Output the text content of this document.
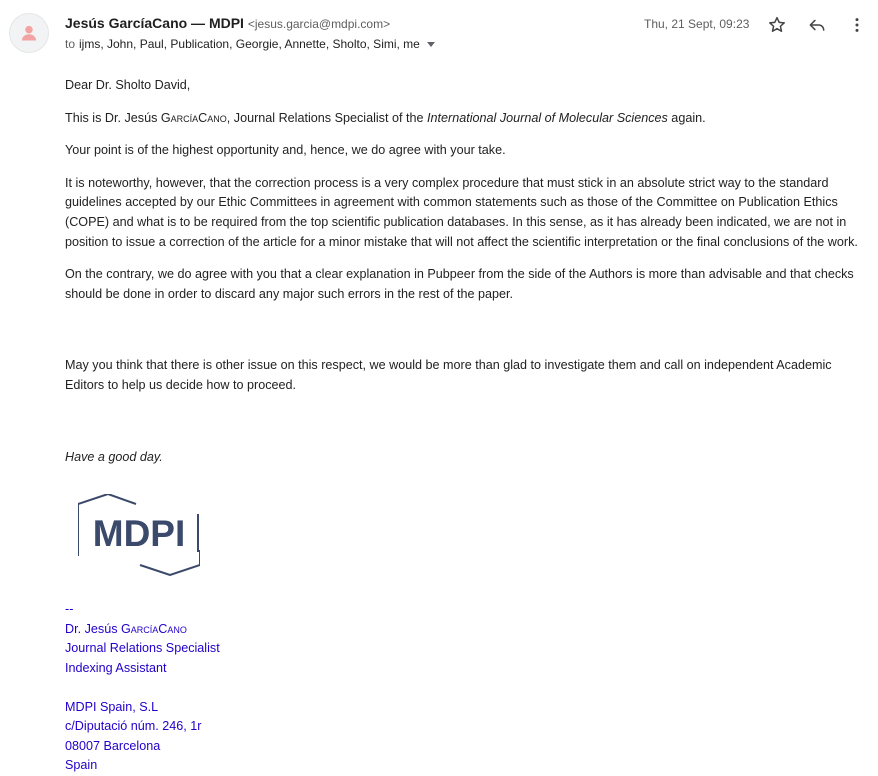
Jesús GarcíaCano — MDPI <jesus.garcia@mdpi.com>
to ijms, John, Paul, Publication, Georgie, Annette, Sholto, Simi, me
Thu, 21 Sept, 09:23

Dear Dr. Sholto David,

This is Dr. Jesús GarcíaCano, Journal Relations Specialist of the International Journal of Molecular Sciences again.

Your point is of the highest opportunity and, hence, we do agree with your take.

It is noteworthy, however, that the correction process is a very complex procedure that must stick in an absolute strict way to the standard guidelines accepted by our Ethic Committees in agreement with common statements such as those of the Committee on Publication Ethics (COPE) and what is to be required from the top scientific publication databases. In this sense, as it has already been indicated, we are not in position to issue a correction of the article for a minor mistake that will not affect the scientific interpretation or the final conclusions of the work.

On the contrary, we do agree with you that a clear explanation in Pubpeer from the side of the Authors is more than advisable and that checks should be done in order to discard any major such errors in the rest of the paper.

May you think that there is other issue on this respect, we would be more than glad to investigate them and call on independent Academic Editors to help us decide how to proceed.

Have a good day.

MDPI
--
Dr. Jesús GarcíaCano
Journal Relations Specialist
Indexing Assistant
MDPI Spain, S.L
c/Diputació núm. 246, 1r
08007 Barcelona
Spain
